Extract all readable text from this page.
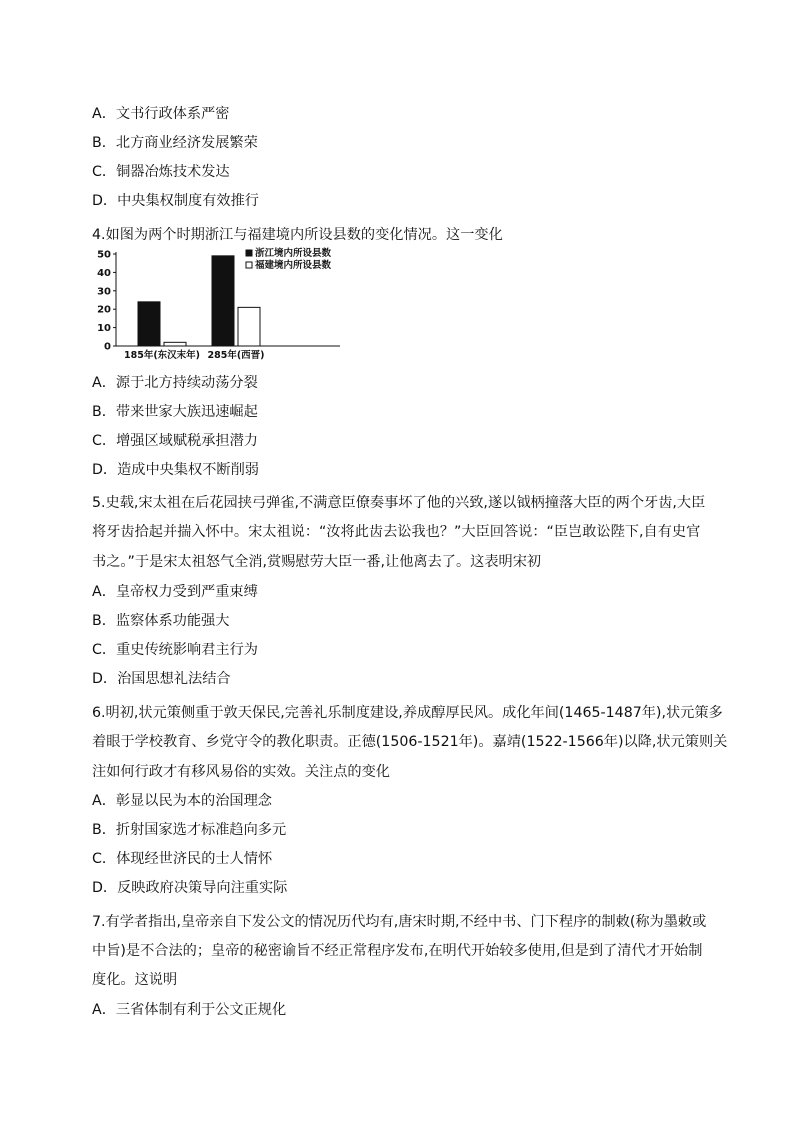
A．文书行政体系严密
B．北方商业经济发展繁荣
C．铜器冶炼技术发达
D．中央集权制度有效推行
4.如图为两个时期浙江与福建境内所设县数的变化情况。这一变化
0
10
20
30
40
50
185年(东汉末年) 285年(西晋)
浙江境内所设县数
福建境内所设县数
A．源于北方持续动荡分裂
B．带来世家大族迅速崛起
C．增强区域赋税承担潜力
D．造成中央集权不断削弱
5.史载,宋太祖在后花园挟弓弹雀,不满意臣僚奏事坏了他的兴致,遂以钺柄撞落大臣的两个牙齿,大臣
将牙齿拾起并揣入怀中。宋太祖说：“汝将此齿去讼我也？”大臣回答说：“臣岂敢讼陛下,自有史官
书之。”于是宋太祖怒气全消,赏赐慰劳大臣一番,让他离去了。这表明宋初
A．皇帝权力受到严重束缚
B．监察体系功能强大
C．重史传统影响君主行为
D．治国思想礼法结合
6.明初,状元策侧重于敦天保民,完善礼乐制度建设,养成醇厚民风。成化年间(1465-1487年),状元策多
着眼于学校教育、乡党守令的教化职责。正德(1506-1521年)。嘉靖(1522-1566年)以降,状元策则关
注如何行政才有移风易俗的实效。关注点的变化
A．彰显以民为本的治国理念
B．折射国家选才标准趋向多元
C．体现经世济民的士人情怀
D．反映政府决策导向注重实际
7.有学者指出,皇帝亲自下发公文的情况历代均有,唐宋时期,不经中书、门下程序的制敕(称为墨敕或
中旨)是不合法的；皇帝的秘密谕旨不经正常程序发布,在明代开始较多使用,但是到了清代才开始制
度化。这说明
A．三省体制有利于公文正规化
